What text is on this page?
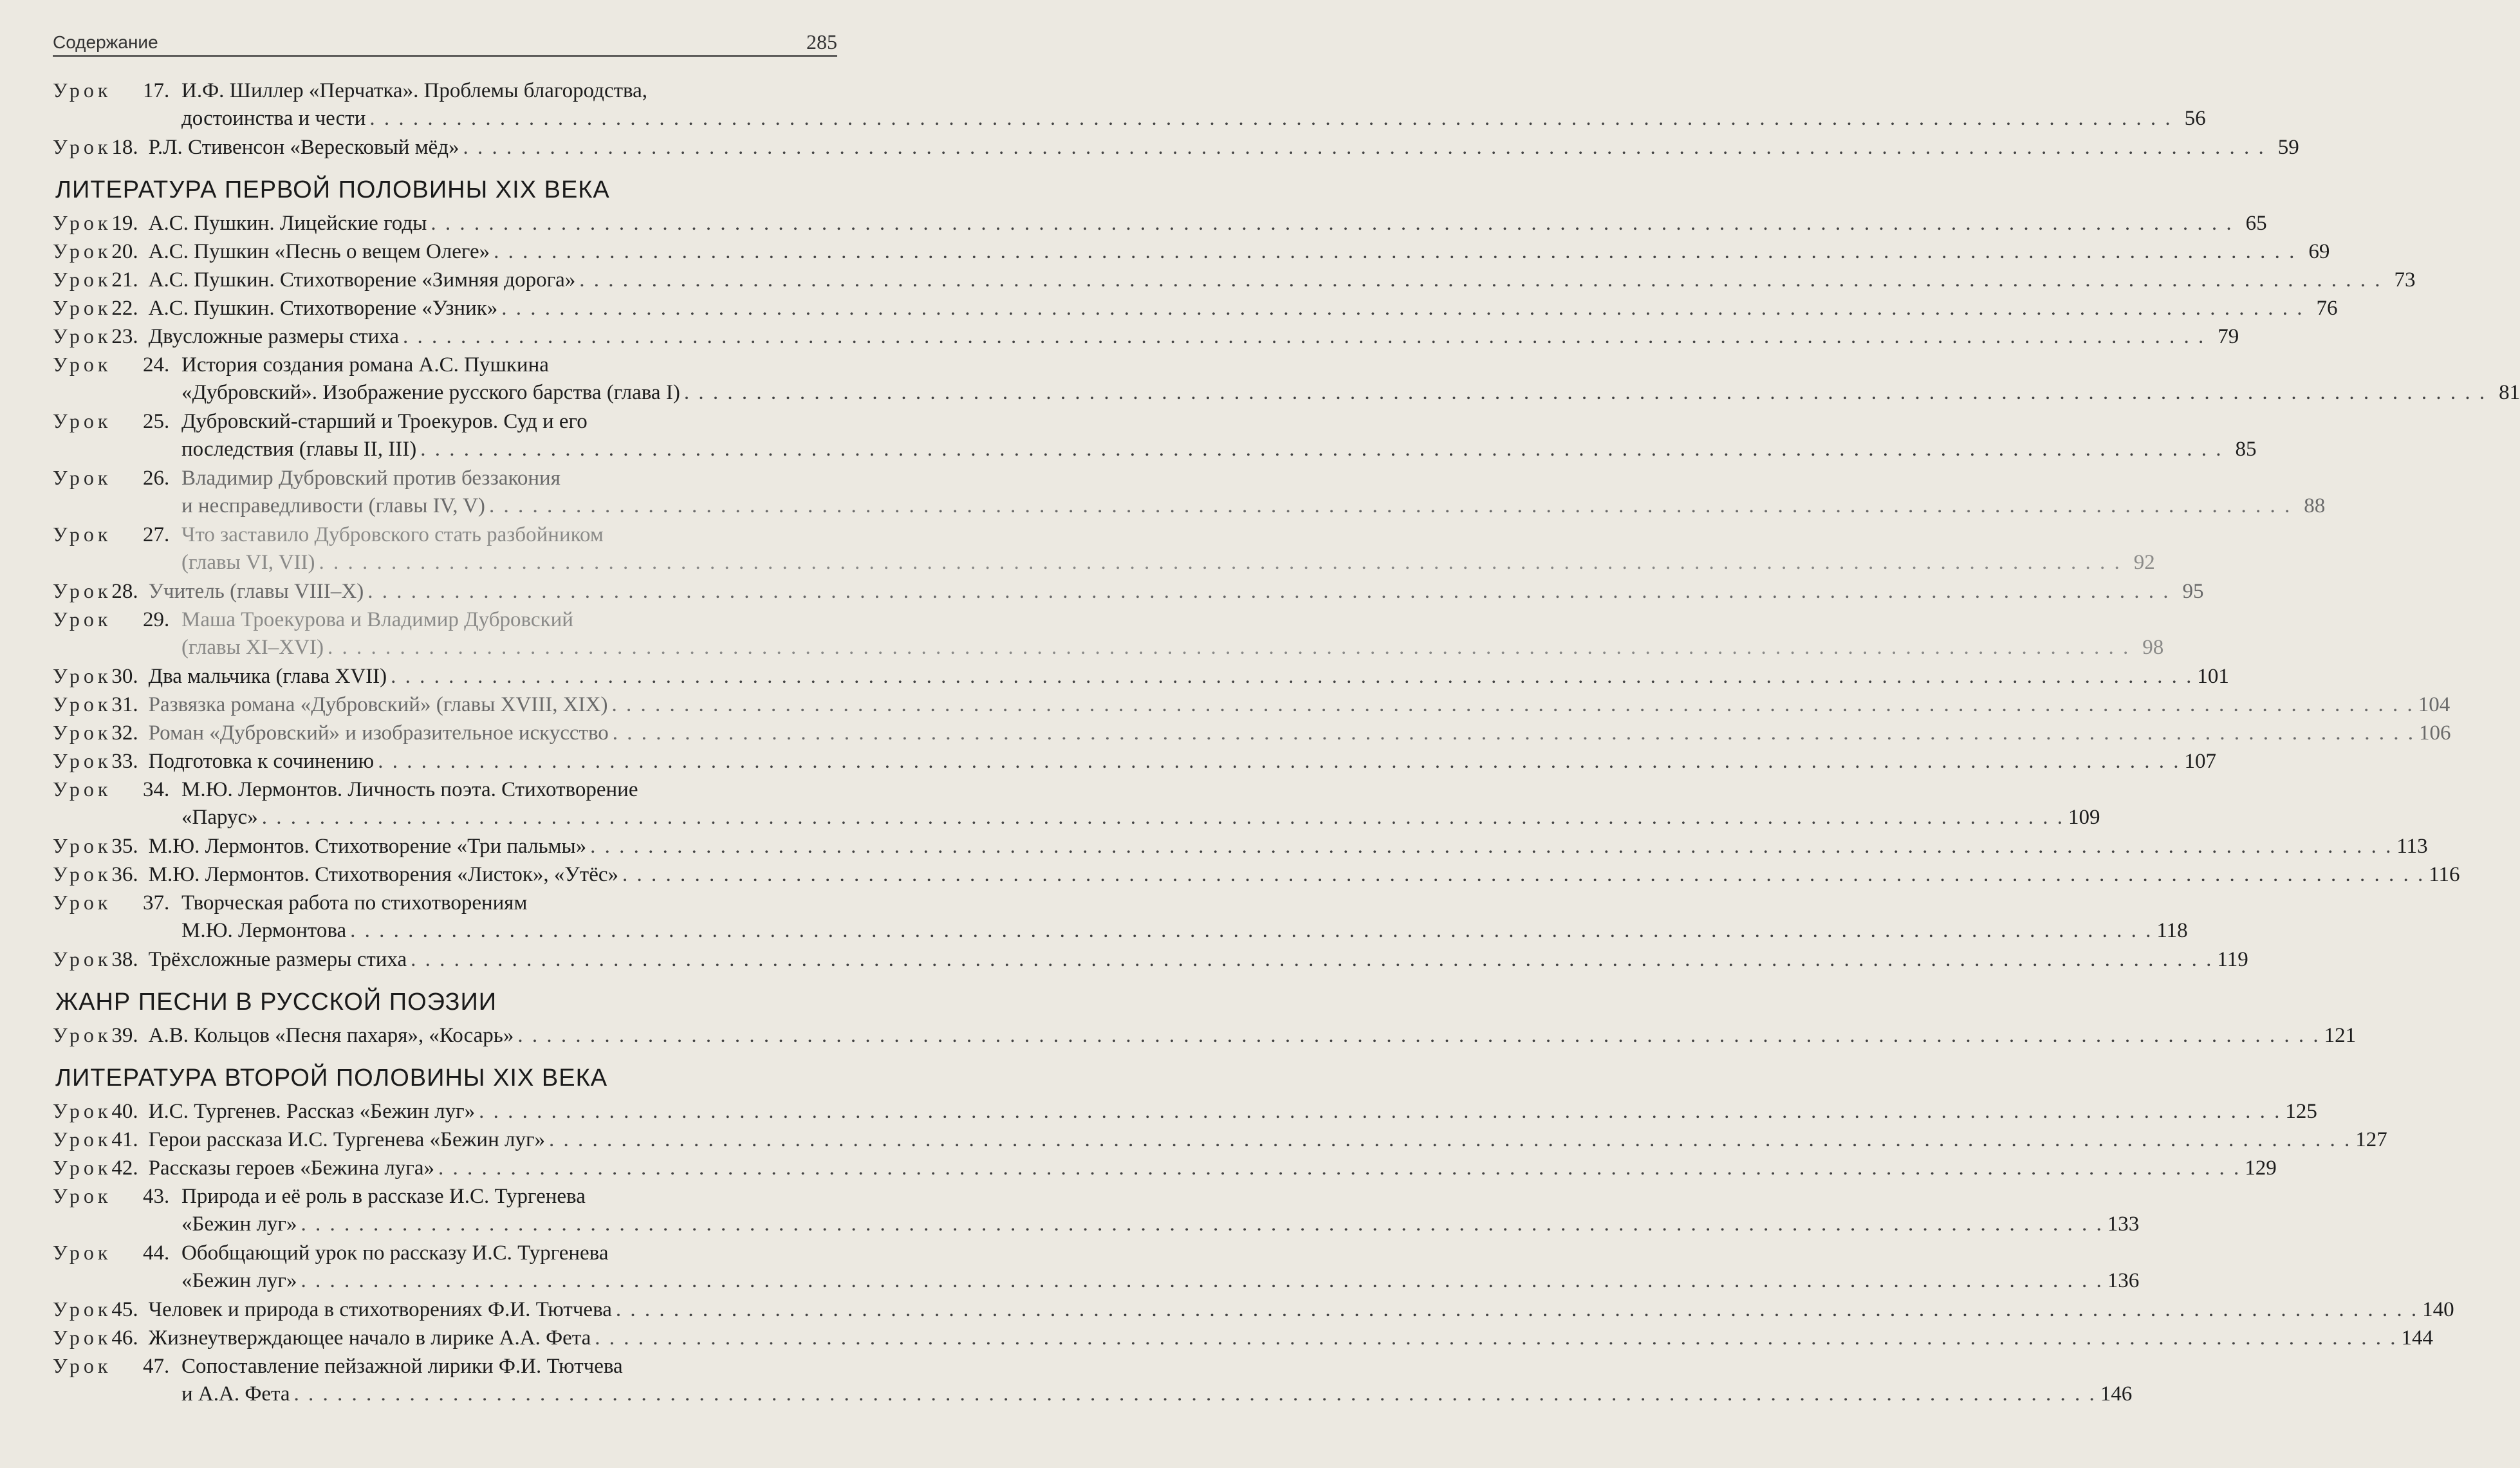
Содержание	285
Урок	17. И.Ф. Шиллер «Перчатка». Проблемы благородства,
достоинства и чести . . .	56
Урок 18. Р.Л. Стивенсон «Вересковый мёд» . . .	59
ЛИТЕРАТУРА ПЕРВОЙ ПОЛОВИНЫ XIX ВЕКА
Урок 19. А.С. Пушкин. Лицейские годы . . .	65
Урок 20. А.С. Пушкин «Песнь о вещем Олеге» . . .	69
Урок 21. А.С. Пушкин. Стихотворение «Зимняя дорога» . . .	73
Урок 22. А.С. Пушкин. Стихотворение «Узник» . . .	76
Урок 23. Двусложные размеры стиха . . .	79
Урок	24. История создания романа А.С. Пушкина
«Дубровский». Изображение русского барства (глава I) . . .	81
Урок	25. Дубровский-старший и Троекуров. Суд и его
последствия (главы II, III) . . .	85
Урок	26. Владимир Дубровский против беззакония
и несправедливости (главы IV, V) . . .	88
Урок	27. Что заставило Дубровского стать разбойником
(главы VI, VII) . . .	92
Урок 28. Учитель (главы VIII–X) . . .	95
Урок	29. Маша Троекурова и Владимир Дубровский
(главы XI–XVI) . . .	98
Урок 30. Два мальчика (глава XVII) . . .	101
Урок 31. Развязка романа «Дубровский» (главы XVIII, XIX) . . .	104
Урок 32. Роман «Дубровский» и изобразительное искусство . . .	106
Урок 33. Подготовка к сочинению . . .	107
Урок	34. М.Ю. Лермонтов. Личность поэта. Стихотворение
«Парус» . . .	109
Урок 35. М.Ю. Лермонтов. Стихотворение «Три пальмы» . . .	113
Урок 36. М.Ю. Лермонтов. Стихотворения «Листок», «Утёс» . . .	116
Урок	37. Творческая работа по стихотворениям
М.Ю. Лермонтова . . .	118
Урок 38. Трёхсложные размеры стиха . . .	119
ЖАНР ПЕСНИ В РУССКОЙ ПОЭЗИИ
Урок 39. А.В. Кольцов «Песня пахаря», «Косарь» . . .	121
ЛИТЕРАТУРА ВТОРОЙ ПОЛОВИНЫ XIX ВЕКА
Урок 40. И.С. Тургенев. Рассказ «Бежин луг» . . .	125
Урок 41. Герои рассказа И.С. Тургенева «Бежин луг» . . .	127
Урок 42. Рассказы героев «Бежина луга» . . .	129
Урок	43. Природа и её роль в рассказе И.С. Тургенева
«Бежин луг» . . .	133
Урок	44. Обобщающий урок по рассказу И.С. Тургенева
«Бежин луг» . . .	136
Урок 45. Человек и природа в стихотворениях Ф.И. Тютчева . . .	140
Урок 46. Жизнеутверждающее начало в лирике А.А. Фета . . .	144
Урок	47. Сопоставление пейзажной лирики Ф.И. Тютчева
и А.А. Фета . . .	146
